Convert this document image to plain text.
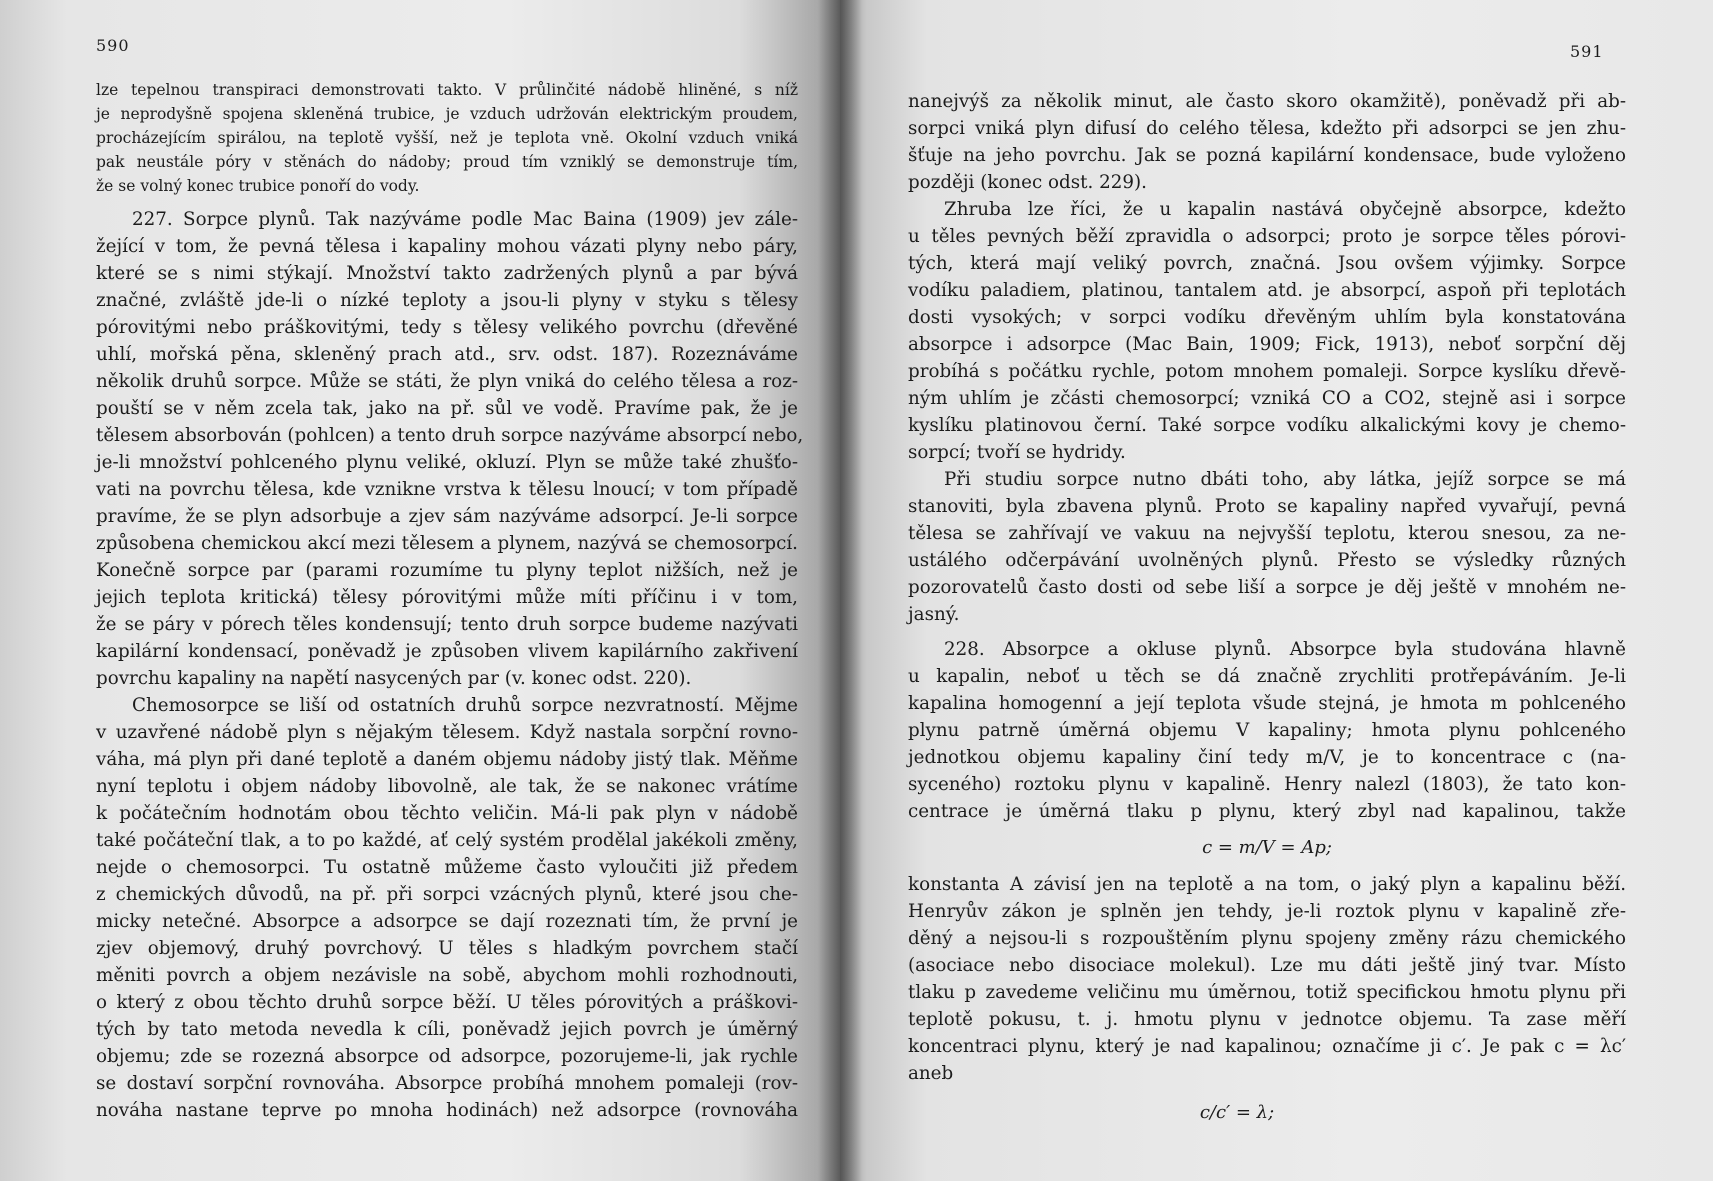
590
lze tepelnou transpiraci demonstrovati takto. V průlinčité nádobě hliněné, s níž
je neprodyšně spojena skleněná trubice, je vzduch udržován elektrickým proudem,
procházejícím spirálou, na teplotě vyšší, než je teplota vně. Okolní vzduch vniká
pak neustále póry v stěnách do nádoby; proud tím vzniklý se demonstruje tím,
že se volný konec trubice ponoří do vody.
227. Sorpce plynů. Tak nazýváme podle Mac Baina (1909) jev zále-
žející v tom, že pevná tělesa i kapaliny mohou vázati plyny nebo páry,
které se s nimi stýkají. Množství takto zadržených plynů a par bývá
značné, zvláště jde-li o nízké teploty a jsou-li plyny v styku s tělesy
pórovitými nebo práškovitými, tedy s tělesy velikého povrchu (dřevěné
uhlí, mořská pěna, skleněný prach atd., srv. odst. 187). Rozeznáváme
několik druhů sorpce. Může se státi, že plyn vniká do celého tělesa a roz-
pouští se v něm zcela tak, jako na př. sůl ve vodě. Pravíme pak, že je
tělesem absorbován (pohlcen) a tento druh sorpce nazýváme absorpcí nebo,
je-li množství pohlceného plynu veliké, okluzí. Plyn se může také zhušťo-
vati na povrchu tělesa, kde vznikne vrstva k tělesu lnoucí; v tom případě
pravíme, že se plyn adsorbuje a zjev sám nazýváme adsorpcí. Je-li sorpce
způsobena chemickou akcí mezi tělesem a plynem, nazývá se chemosorpcí.
Konečně sorpce par (parami rozumíme tu plyny teplot nižších, než je
jejich teplota kritická) tělesy pórovitými může míti příčinu i v tom,
že se páry v pórech těles kondensují; tento druh sorpce budeme nazývati
kapilární kondensací, poněvadž je způsoben vlivem kapilárního zakřivení
povrchu kapaliny na napětí nasycených par (v. konec odst. 220).
Chemosorpce se liší od ostatních druhů sorpce nezvratností. Mějme
v uzavřené nádobě plyn s nějakým tělesem. Když nastala sorpční rovno-
váha, má plyn při dané teplotě a daném objemu nádoby jistý tlak. Měňme
nyní teplotu i objem nádoby libovolně, ale tak, že se nakonec vrátíme
k počátečním hodnotám obou těchto veličin. Má-li pak plyn v nádobě
také počáteční tlak, a to po každé, ať celý systém prodělal jakékoli změny,
nejde o chemosorpci. Tu ostatně můžeme často vyloučiti již předem
z chemických důvodů, na př. při sorpci vzácných plynů, které jsou che-
micky netečné. Absorpce a adsorpce se dají rozeznati tím, že první je
zjev objemový, druhý povrchový. U těles s hladkým povrchem stačí
měniti povrch a objem nezávisle na sobě, abychom mohli rozhodnouti,
o který z obou těchto druhů sorpce běží. U těles pórovitých a práškovi-
tých by tato metoda nevedla k cíli, poněvadž jejich povrch je úměrný
objemu; zde se rozezná absorpce od adsorpce, pozorujeme-li, jak rychle
se dostaví sorpční rovnováha. Absorpce probíhá mnohem pomaleji (rov-
nováha nastane teprve po mnoha hodinách) než adsorpce (rovnováha
591
nanejvýš za několik minut, ale často skoro okamžitě), poněvadž při ab-
sorpci vniká plyn difusí do celého tělesa, kdežto při adsorpci se jen zhu-
šťuje na jeho povrchu. Jak se pozná kapilární kondensace, bude vyloženo
později (konec odst. 229).
Zhruba lze říci, že u kapalin nastává obyčejně absorpce, kdežto
u těles pevných běží zpravidla o adsorpci; proto je sorpce těles pórovi-
tých, která mají veliký povrch, značná. Jsou ovšem výjimky. Sorpce
vodíku paladiem, platinou, tantalem atd. je absorpcí, aspoň při teplotách
dosti vysokých; v sorpci vodíku dřevěným uhlím byla konstatována
absorpce i adsorpce (Mac Bain, 1909; Fick, 1913), neboť sorpční děj
probíhá s počátku rychle, potom mnohem pomaleji. Sorpce kyslíku dřevě-
ným uhlím je zčásti chemosorpcí; vzniká CO a CO2, stejně asi i sorpce
kyslíku platinovou černí. Také sorpce vodíku alkalickými kovy je chemo-
sorpcí; tvoří se hydridy.
Při studiu sorpce nutno dbáti toho, aby látka, jejíž sorpce se má
stanoviti, byla zbavena plynů. Proto se kapaliny napřed vyvařují, pevná
tělesa se zahřívají ve vakuu na nejvyšší teplotu, kterou snesou, za ne-
ustálého odčerpávání uvolněných plynů. Přesto se výsledky různých
pozorovatelů často dosti od sebe liší a sorpce je děj ještě v mnohém ne-
jasný.
228. Absorpce a okluse plynů. Absorpce byla studována hlavně
u kapalin, neboť u těch se dá značně zrychliti protřepáváním. Je-li
kapalina homogenní a její teplota všude stejná, je hmota m pohlceného
plynu patrně úměrná objemu V kapaliny; hmota plynu pohlceného
jednotkou objemu kapaliny činí tedy m/V, je to koncentrace c (na-
syceného) roztoku plynu v kapalině. Henry nalezl (1803), že tato kon-
centrace je úměrná tlaku p plynu, který zbyl nad kapalinou, takže
c = m/V = Ap;
konstanta A závisí jen na teplotě a na tom, o jaký plyn a kapalinu běží.
Henryův zákon je splněn jen tehdy, je-li roztok plynu v kapalině zře-
děný a nejsou-li s rozpouštěním plynu spojeny změny rázu chemického
(asociace nebo disociace molekul). Lze mu dáti ještě jiný tvar. Místo
tlaku p zavedeme veličinu mu úměrnou, totiž specifickou hmotu plynu při
teplotě pokusu, t. j. hmotu plynu v jednotce objemu. Ta zase měří
koncentraci plynu, který je nad kapalinou; označíme ji c′. Je pak c = λc′
aneb
c/c′ = λ;
